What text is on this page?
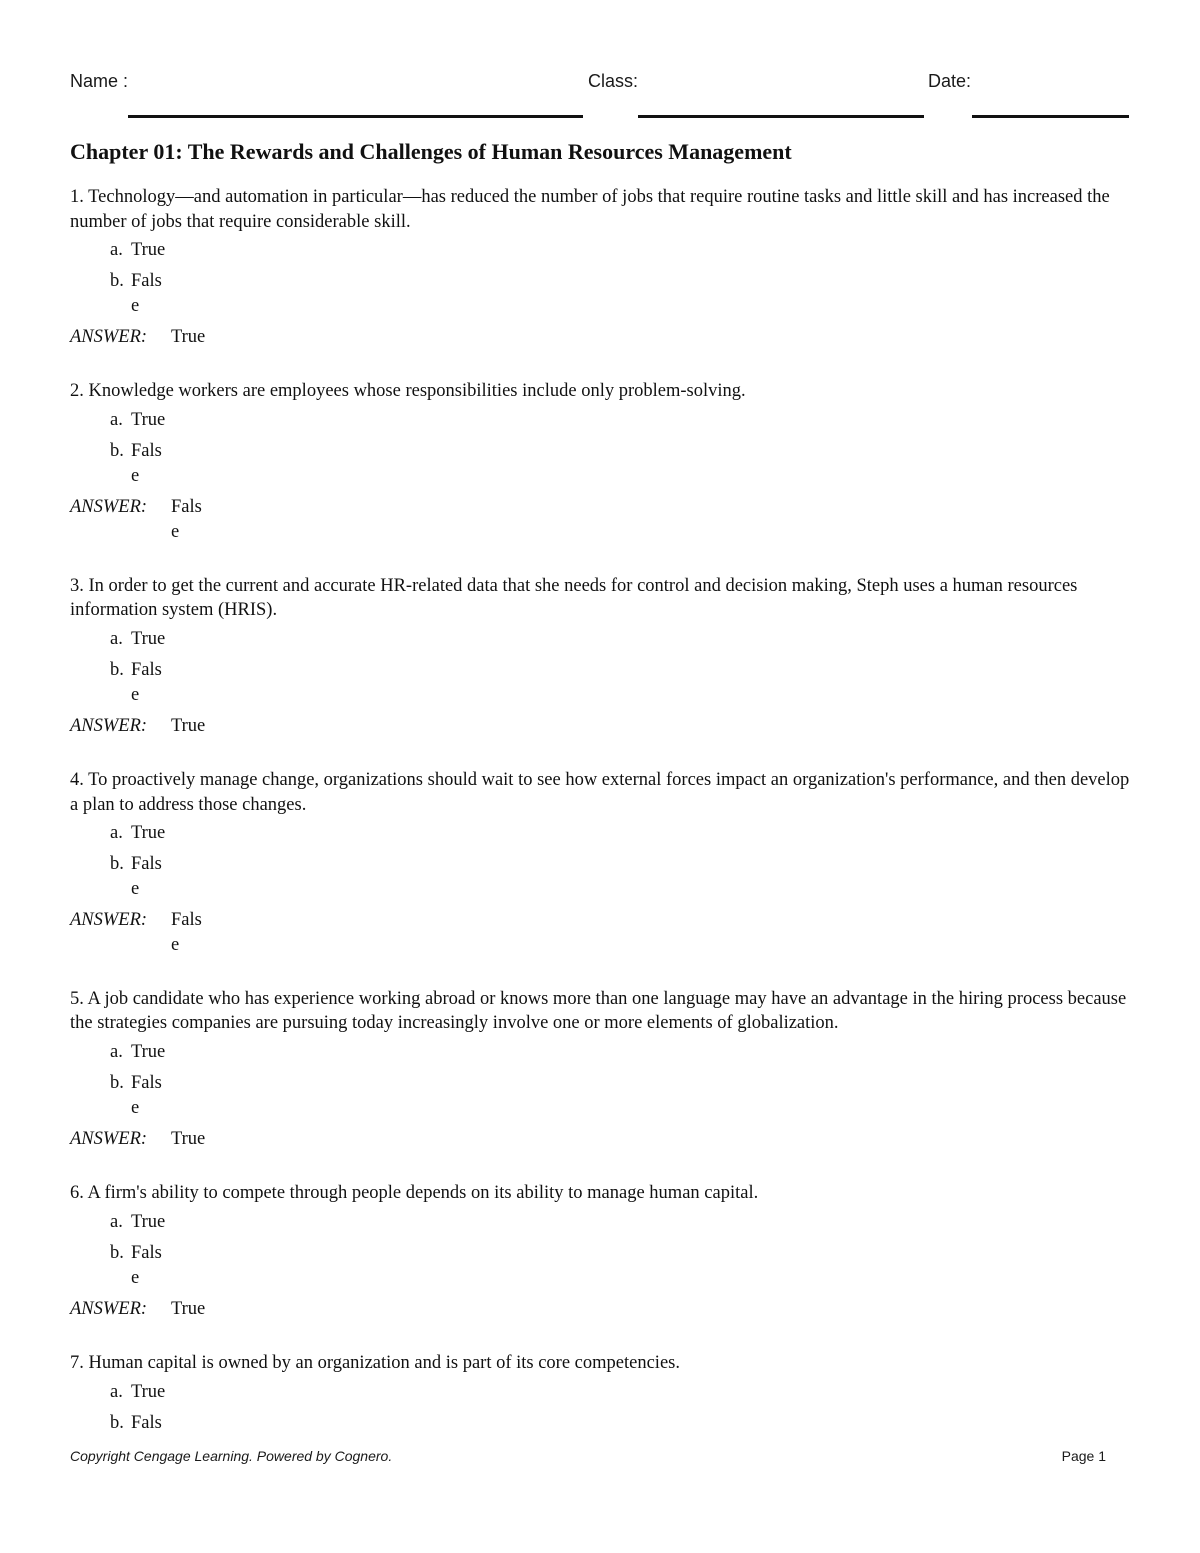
Name :	Class:	Date:
Chapter 01: The Rewards and Challenges of Human Resources Management
1. Technology—and automation in particular—has reduced the number of jobs that require routine tasks and little skill and has increased the number of jobs that require considerable skill.
a. True
b. False
ANSWER: True
2. Knowledge workers are employees whose responsibilities include only problem-solving.
a. True
b. False
ANSWER: False
3. In order to get the current and accurate HR-related data that she needs for control and decision making, Steph uses a human resources information system (HRIS).
a. True
b. False
ANSWER: True
4. To proactively manage change, organizations should wait to see how external forces impact an organization's performance, and then develop a plan to address those changes.
a. True
b. False
ANSWER: False
5. A job candidate who has experience working abroad or knows more than one language may have an advantage in the hiring process because the strategies companies are pursuing today increasingly involve one or more elements of globalization.
a. True
b. False
ANSWER: True
6. A firm's ability to compete through people depends on its ability to manage human capital.
a. True
b. False
ANSWER: True
7. Human capital is owned by an organization and is part of its core competencies.
a. True
b. Fals
Copyright Cengage Learning. Powered by Cognero.	Page 1
